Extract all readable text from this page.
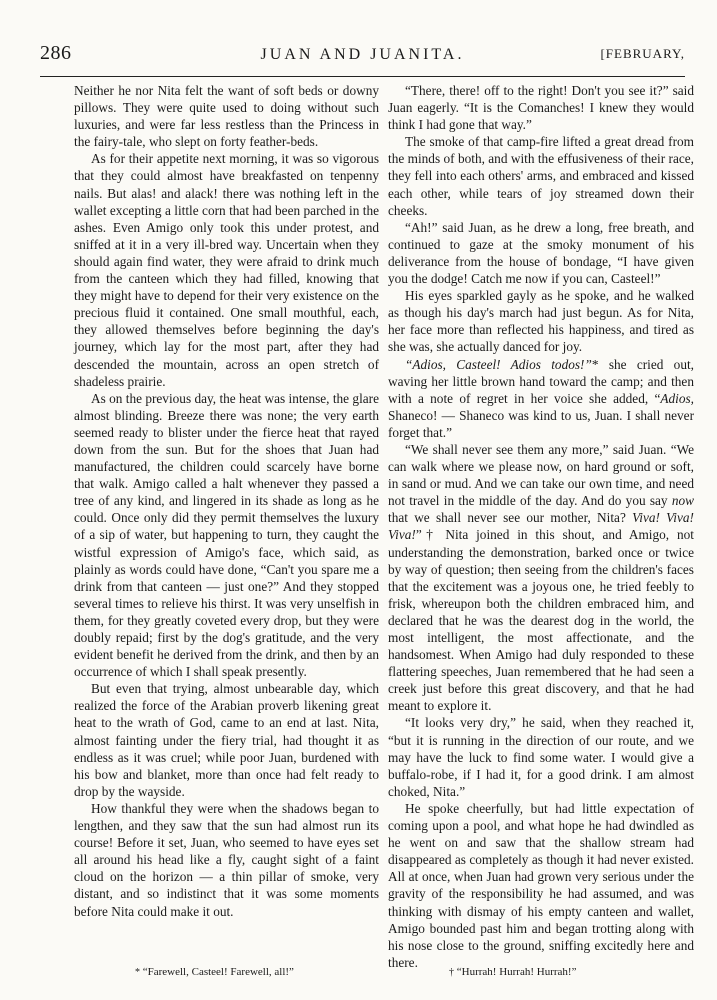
286	JUAN AND JUANITA.	[FEBRUARY,

Neither he nor Nita felt the want of soft beds or downy pillows. They were quite used to doing without such luxuries, and were far less restless than the Princess in the fairy-tale, who slept on forty feather-beds.

As for their appetite next morning, it was so vigorous that they could almost have breakfasted on tenpenny nails. But alas! and alack! there was nothing left in the wallet excepting a little corn that had been parched in the ashes. Even Amigo only took this under protest, and sniffed at it in a very ill-bred way. Uncertain when they should again find water, they were afraid to drink much from the canteen which they had filled, knowing that they might have to depend for their very existence on the precious fluid it contained. One small mouthful, each, they allowed themselves before beginning the day's journey, which lay for the most part, after they had descended the mountain, across an open stretch of shadeless prairie.

As on the previous day, the heat was intense, the glare almost blinding. Breeze there was none; the very earth seemed ready to blister under the fierce heat that rayed down from the sun. But for the shoes that Juan had manufactured, the children could scarcely have borne that walk. Amigo called a halt whenever they passed a tree of any kind, and lingered in its shade as long as he could. Once only did they permit themselves the luxury of a sip of water, but happening to turn, they caught the wistful expression of Amigo's face, which said, as plainly as words could have done, “Can't you spare me a drink from that canteen — just one?” And they stopped several times to relieve his thirst. It was very unselfish in them, for they greatly coveted every drop, but they were doubly repaid; first by the dog's gratitude, and the very evident benefit he derived from the drink, and then by an occurrence of which I shall speak presently.

But even that trying, almost unbearable day, which realized the force of the Arabian proverb likening great heat to the wrath of God, came to an end at last. Nita, almost fainting under the fiery trial, had thought it as endless as it was cruel; while poor Juan, burdened with his bow and blanket, more than once had felt ready to drop by the wayside.

How thankful they were when the shadows began to lengthen, and they saw that the sun had almost run its course! Before it set, Juan, who seemed to have eyes set all around his head like a fly, caught sight of a faint cloud on the horizon — a thin pillar of smoke, very distant, and so indistinct that it was some moments before Nita could make it out.

“There, there! off to the right! Don't you see it?” said Juan eagerly. “It is the Comanches! I knew they would think I had gone that way.”

The smoke of that camp-fire lifted a great dread from the minds of both, and with the effusiveness of their race, they fell into each others' arms, and embraced and kissed each other, while tears of joy streamed down their cheeks.

“Ah!” said Juan, as he drew a long, free breath, and continued to gaze at the smoky monument of his deliverance from the house of bondage, “I have given you the dodge! Catch me now if you can, Casteel!”

His eyes sparkled gayly as he spoke, and he walked as though his day's march had just begun. As for Nita, her face more than reflected his happiness, and tired as she was, she actually danced for joy.

“Adios, Casteel! Adios todos!”* she cried out, waving her little brown hand toward the camp; and then with a note of regret in her voice she added, “Adios, Shaneco! — Shaneco was kind to us, Juan. I shall never forget that.”

“We shall never see them any more,” said Juan. “We can walk where we please now, on hard ground or soft, in sand or mud. And we can take our own time, and need not travel in the middle of the day. And do you say now that we shall never see our mother, Nita? Viva! Viva! Viva!”† Nita joined in this shout, and Amigo, not understanding the demonstration, barked once or twice by way of question; then seeing from the children's faces that the excitement was a joyous one, he tried feebly to frisk, whereupon both the children embraced him, and declared that he was the dearest dog in the world, the most intelligent, the most affectionate, and the handsomest. When Amigo had duly responded to these flattering speeches, Juan remembered that he had seen a creek just before this great discovery, and that he had meant to explore it.

“It looks very dry,” he said, when they reached it, “but it is running in the direction of our route, and we may have the luck to find some water. I would give a buffalo-robe, if I had it, for a good drink. I am almost choked, Nita.”

He spoke cheerfully, but had little expectation of coming upon a pool, and what hope he had dwindled as he went on and saw that the shallow stream had disappeared as completely as though it had never existed. All at once, when Juan had grown very serious under the gravity of the responsibility he had assumed, and was thinking with dismay of his empty canteen and wallet, Amigo bounded past him and began trotting along with his nose close to the ground, sniffing excitedly here and there.

* “Farewell, Casteel! Farewell, all!”	† “Hurrah! Hurrah! Hurrah!”
